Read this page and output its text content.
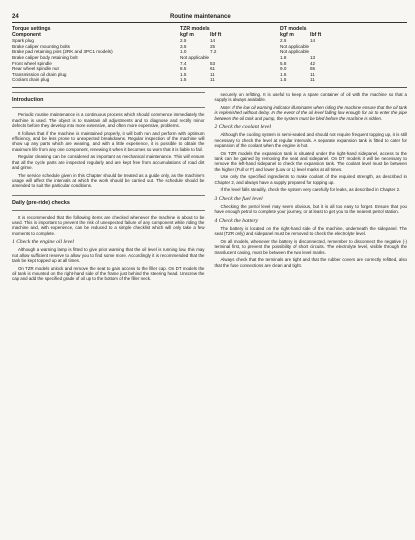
24	Routine maintenance
Torque settings	TZR models	DT models
Component	kgf m	lbf ft	kgf m	lbf ft
Spark plug	2.5	14	2.5	14
Brake caliper mounting bolts	3.5	25	Not applicable
Brake pad retaining pins (2RK and 3PC1 models)	1.0	7.2	Not applicable
Brake caliper body retaining bolt	Not applicable	1.8	13
Front wheel spindle	7.4	53	5.8	42
Rear wheel spindle nut	8.5	61	9.0	65
Transmission oil drain plug	1.5	11	1.5	11
Coolant drain plug	1.5	11	1.5	11
Introduction

Periodic routine maintenance is a continuous process which should commence immediately the machine is used. The object is to maintain all adjustments and to diagnose and rectify minor defects before they develop into more extensive, and often more expensive, problems.

It follows that if the machine is maintained properly, it will both run and perform with optimum efficiency, and be less prone to unexpected breakdowns. Regular inspection of the machine will show up any parts which are wearing, and with a little experience, it is possible to obtain the maximum life from any one component, renewing it when it becomes so worn that it is liable to fail.

Regular cleaning can be considered as important as mechanical maintenance. This will ensure that all the cycle parts are inspected regularly and are kept free from accumulations of road dirt and grime.

The service schedule given in this Chapter should be treated as a guide only, as the machine's usage will affect the intervals at which the work should be carried out. The schedule should be amended to suit the particular conditions.

Daily (pre-ride) checks

It is recommended that the following items are checked whenever the machine is about to be used. This is important to prevent the risk of unexpected failure of any component while riding the machine and, with experience, can be reduced to a simple checklist which will only take a few moments to complete.

1 Check the engine oil level

Although a warning lamp is fitted to give prior warning that the oil level is running low, this may not allow sufficient reserve to allow you to find some more. Accordingly it is recommended that the tank be kept topped up at all times.

On TZR models unlock and remove the seat to gain access to the filler cap. On DT models the oil tank is mounted on the right-hand side of the frame just behind the steering head. Unscrew the cap and add the specified grade of oil up to the bottom of the filler neck.

securely on refitting. It is useful to keep a spare container of oil with the machine so that a supply is always available.

Note: If the low oil warning indicator illuminates when riding the machine ensure that the oil tank is replenished without delay. In the event of the oil level falling low enough for air to enter the pipe between the oil tank and pump, the system must be bled before the machine is ridden.

2 Check the coolant level

Although the cooling system is semi-sealed and should not require frequent topping up, it is still necessary to check the level at regular intervals. A separate expansion tank is fitted to cater for expansion of the coolant when the engine is hot.

On TZR models the expansion tank is situated under the right-hand sidepanel, access to the tank can be gained by removing the seat and sidepanel. On DT models it will be necessary to remove the left-hand sidepanel to check the expansion tank. The coolant level must be between the higher (Full or F) and lower (Low or L) level marks at all times.

Use only the specified ingredients to make coolant of the required strength, as described in Chapter 2, and always have a supply prepared for topping up.

If the level falls steadily, check the system very carefully for leaks, as described in Chapter 2.

3 Check the fuel level

Checking the petrol level may seem obvious, but it is all too easy to forget. Ensure that you have enough petrol to complete your journey, or at least to get you to the nearest petrol station.

4 Check the battery

The battery is located on the right-hand side of the machine, underneath the sidepanel. The seat (TZR only) and sidepanel must be removed to check the electrolyte level.

On all models, whenever the battery is disconnected, remember to disconnect the negative (-) terminal first, to prevent the possibility of short circuits. The electrolyte level, visible through the translucent casing, must be between the two level marks.

Always check that the terminals are tight and that the rubber covers are correctly refitted, also that the fuse connections are clean and tight.
